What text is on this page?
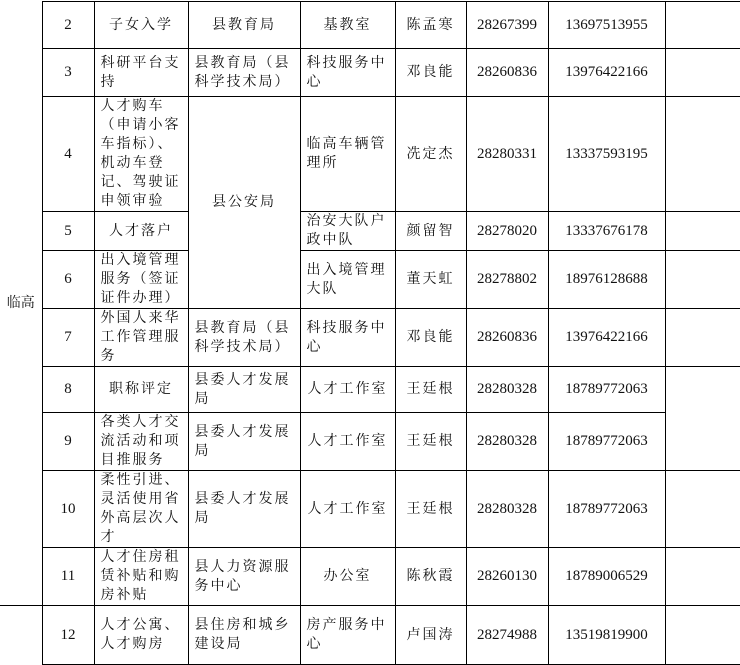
临高	2	子女入学	县教育局	基教室	陈孟寒	28267399	13697513955	
	3	科研平台支持	县教育局（县科学技术局）	科技服务中心	邓良能	28260836	13976422166	
	4	人才购车（申请小客车指标）、机动车登记、驾驶证申领审验	县公安局	临高车辆管理所	冼定杰	28280331	13337593195	
	5	人才落户		治安大队户政中队	颜留智	28278020	13337676178	
	6	出入境管理服务（签证证件办理）		出入境管理大队	董天虹	28278802	18976128688	
	7	外国人来华工作管理服务	县教育局（县科学技术局）	科技服务中心	邓良能	28260836	13976422166	
	8	职称评定	县委人才发展局	人才工作室	王廷根	28280328	18789772063	
	9	各类人才交流活动和项目推服务	县委人才发展局	人才工作室	王廷根	28280328	18789772063	
	10	柔性引进、灵活使用省外高层次人才	县委人才发展局	人才工作室	王廷根	28280328	18789772063	
	11	人才住房租赁补贴和购房补贴	县人力资源服务中心	办公室	陈秋霞	28260130	18789006529	
	12	人才公寓、人才购房	县住房和城乡建设局	房产服务中心	卢国涛	28274988	13519819900	
